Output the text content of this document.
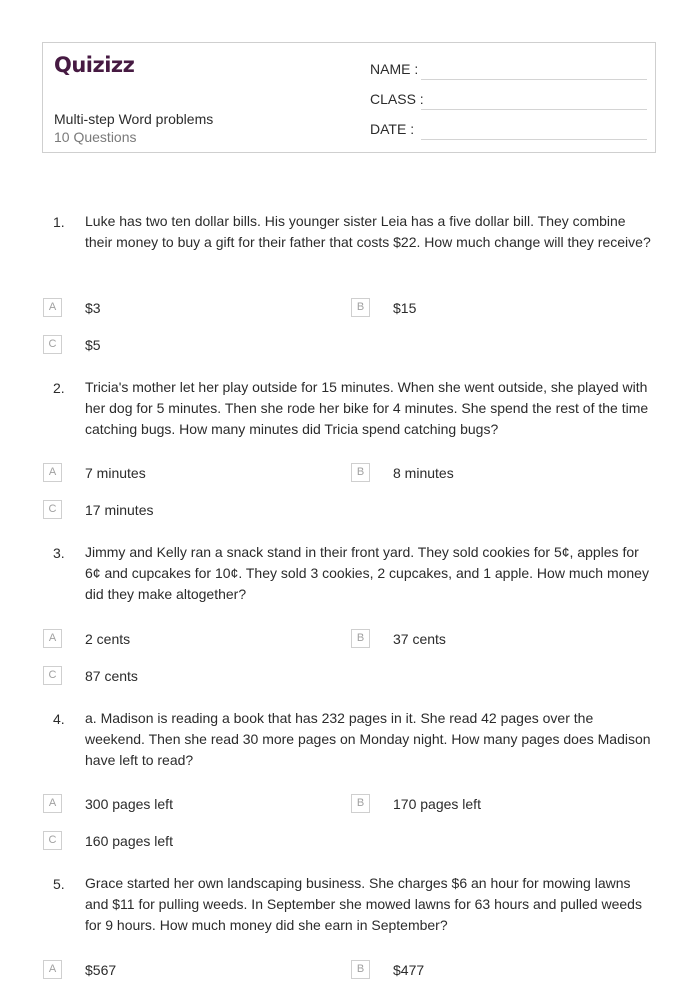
Quizizz
Multi-step Word problems
10 Questions
NAME :
CLASS :
DATE :
1. Luke has two ten dollar bills. His younger sister Leia has a five dollar bill. They combine their money to buy a gift for their father that costs $22. How much change will they receive?
A	$3	B	$15
C	$5
2. Tricia's mother let her play outside for 15 minutes. When she went outside, she played with her dog for 5 minutes. Then she rode her bike for 4 minutes. She spend the rest of the time catching bugs. How many minutes did Tricia spend catching bugs?
A	7 minutes	B	8 minutes
C	17 minutes
3. Jimmy and Kelly ran a snack stand in their front yard. They sold cookies for 5¢, apples for 6¢ and cupcakes for 10¢. They sold 3 cookies, 2 cupcakes, and 1 apple. How much money did they make altogether?
A	2 cents	B	37 cents
C	87 cents
4. a. Madison is reading a book that has 232 pages in it. She read 42 pages over the weekend. Then she read 30 more pages on Monday night. How many pages does Madison have left to read?
A	300 pages left	B	170 pages left
C	160 pages left
5. Grace started her own landscaping business. She charges $6 an hour for mowing lawns and $11 for pulling weeds. In September she mowed lawns for 63 hours and pulled weeds for 9 hours. How much money did she earn in September?
A	$567	B	$477
